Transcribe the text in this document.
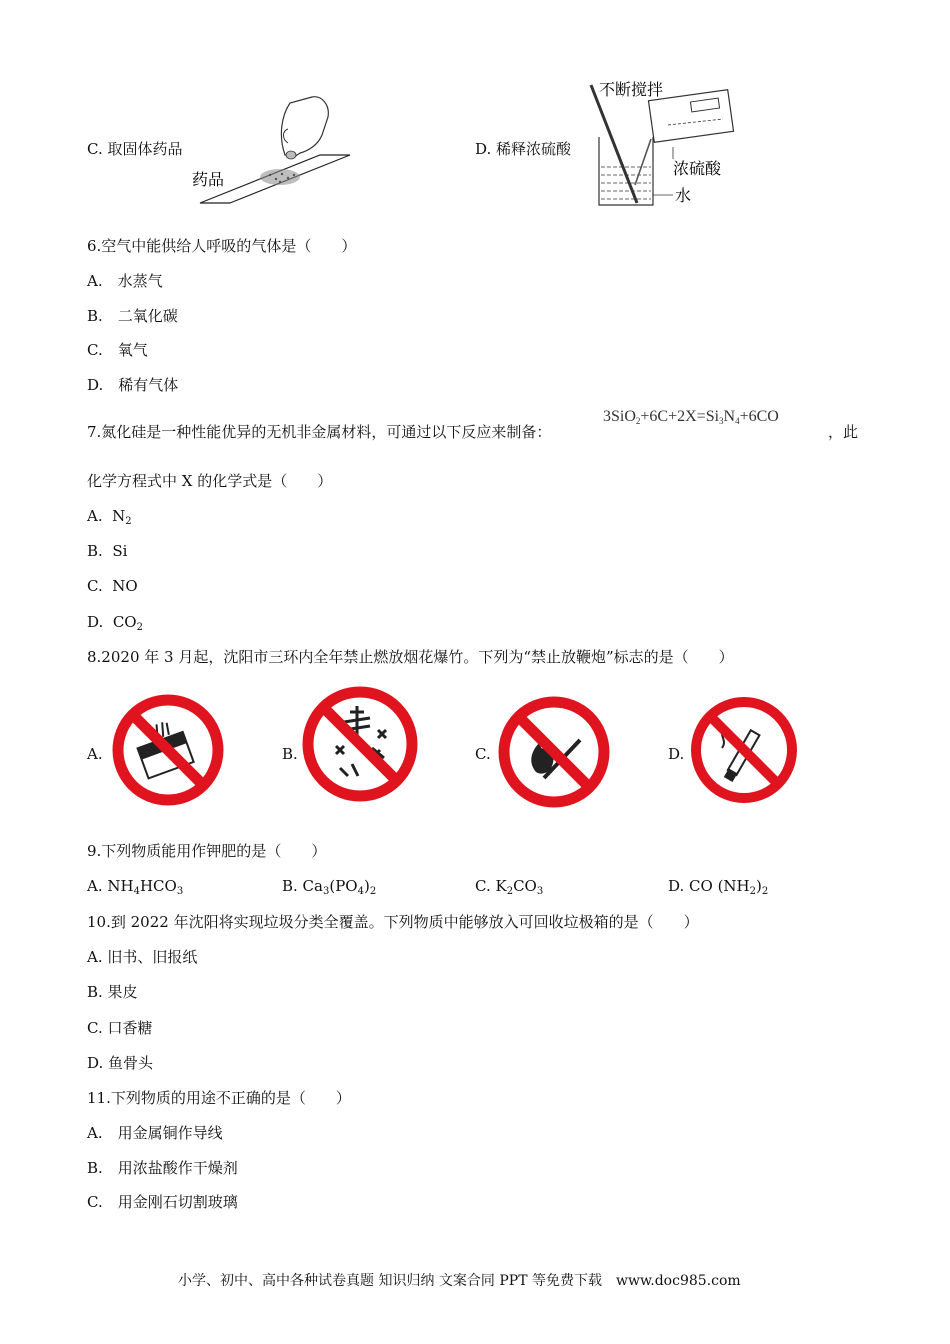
C. 取固体药品
药品
D. 稀释浓硫酸
不断搅拌
浓硫酸
水
6.空气中能供给人呼吸的气体是（　　）
A.　水蒸气
B.　二氧化碳
C.　氧气
D.　稀有气体
7.氮化硅是一种性能优异的无机非金属材料，可通过以下反应来制备：
$3SiO_2+6C+2X=Si_3N_4+6CO$
，此
化学方程式中 X 的化学式是（　　）
A. $N_2$
B. Si
C. NO
D. $CO_2$
8.2020 年 3 月起，沈阳市三环内全年禁止燃放烟花爆竹。下列为“禁止放鞭炮”标志的是（　　）
A.	B.	C.	D.
9.下列物质能用作钾肥的是（　　）
A. $NH_4HCO_3$	B. $Ca_3(PO_4)_2$	C. $K_2CO_3$	D. CO $(NH_2)_2$
10.到 2022 年沈阳将实现垃圾分类全覆盖。下列物质中能够放入可回收垃极箱的是（　　）
A. 旧书、旧报纸
B. 果皮
C. 口香糖
D. 鱼骨头
11.下列物质的用途不正确的是（　　）
A.　用金属铜作导线
B.　用浓盐酸作干燥剂
C.　用金刚石切割玻璃
小学、初中、高中各种试卷真题 知识归纳 文案合同 PPT 等免费下载　www.doc985.com
